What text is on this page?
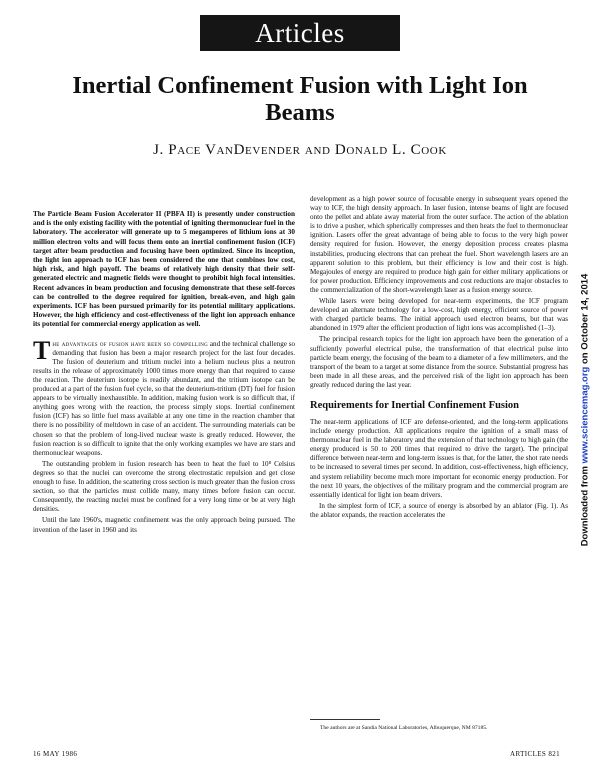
Articles
Inertial Confinement Fusion with Light Ion Beams
J. Pace VanDevender and Donald L. Cook

The Particle Beam Fusion Accelerator II (PBFA II) is presently under construction and is the only existing facility with the potential of igniting thermonuclear fuel in the laboratory. The accelerator will generate up to 5 megamperes of lithium ions at 30 million electron volts and will focus them onto an inertial confinement fusion (ICF) target after beam production and focusing have been optimized. Since its inception, the light ion approach to ICF has been considered the one that combines low cost, high risk, and high payoff. The beams of relatively high density that their self-generated electric and magnetic fields were thought to prohibit high focal intensities. Recent advances in beam production and focusing demonstrate that these self-forces can be controlled to the degree required for ignition, break-even, and high gain experiments. ICF has been pursued primarily for its potential military applications. However, the high efficiency and cost-effectiveness of the light ion approach enhance its potential for commercial energy application as well.

The advantages of fusion have been so compelling and the technical challenge so demanding that fusion has been a major research project for the last four decades. The fusion of deuterium and tritium nuclei into a helium nucleus plus a neutron results in the release of approximately 1000 times more energy than that required to cause the reaction. The deuterium isotope is readily abundant, and the tritium isotope can be produced at a part of the fusion fuel cycle, so that the deuterium-tritium (DT) fuel for fusion appears to be virtually inexhaustible. In addition, making fusion work is so difficult that, if anything goes wrong with the reaction, the process simply stops. Inertial confinement fusion (ICF) has so little fuel mass available at any one time in the reaction chamber that there is no possibility of meltdown in case of an accident. The surrounding materials can be chosen so that the problem of long-lived nuclear waste is greatly reduced. However, the fusion reaction is so difficult to ignite that the only working examples we have are stars and thermonuclear weapons.

The outstanding problem in fusion research has been to heat the fuel to 10⁸ Celsius degrees so that the nuclei can overcome the strong electrostatic repulsion and get close enough to fuse. In addition, the scattering cross section is much greater than the fusion cross section, so that the particles must collide many, many times before fusion can occur. Consequently, the reacting nuclei must be confined for a very long time or be at very high densities.

Until the late 1960's, magnetic confinement was the only approach being pursued. The invention of the laser in 1960 and its

development as a high power source of focusable energy in subsequent years opened the way to ICF, the high density approach. In laser fusion, intense beams of light are focused onto the pellet and ablate away material from the outer surface. The action of the ablation is to drive a pusher, which spherically compresses and then heats the fuel to thermonuclear ignition. Lasers offer the great advantage of being able to focus to the very high power density required for fusion. However, the energy deposition process creates plasma instabilities, producing electrons that can preheat the fuel. Short wavelength lasers are an apparent solution to this problem, but their efficiency is low and their cost is high. Megajoules of energy are required to produce high gain for either military applications or for power production. Efficiency improvements and cost reductions are major obstacles to the commercialization of the short-wavelength laser as a fusion energy source.

While lasers were being developed for near-term experiments, the ICF program developed an alternate technology for a low-cost, high energy, efficient source of power with charged particle beams. The initial approach used electron beams, but that was abandoned in 1979 after the efficient production of light ions was accomplished (1–3).

The principal research topics for the light ion approach have been the generation of a sufficiently powerful electrical pulse, the transformation of that electrical pulse into particle beam energy, the focusing of the beam to a diameter of a few millimeters, and the transport of the beam to a target at some distance from the source. Substantial progress has been made in all these areas, and the perceived risk of the light ion approach has been greatly reduced during the last year.

Requirements for Inertial Confinement Fusion

The near-term applications of ICF are defense-oriented, and the long-term applications include energy production. All applications require the ignition of a small mass of thermonuclear fuel in the laboratory and the extension of that technology to high gain (the energy produced is 50 to 200 times that required to drive the target). The principal difference between near-term and long-term issues is that, for the latter, the shot rate needs to be increased to several times per second. In addition, cost-effectiveness, high efficiency, and system reliability become much more important for economic energy production. For the next 10 years, the objectives of the military program and the commercial program are essentially identical for light ion beam drivers.

In the simplest form of ICF, a source of energy is absorbed by an ablator (Fig. 1). As the ablator expands, the reaction accelerates the

The authors are at Sandia National Laboratories, Albuquerque, NM 87185.
16 MAY 1986	ARTICLES 821
Downloaded from www.sciencemag.org on October 14, 2014
